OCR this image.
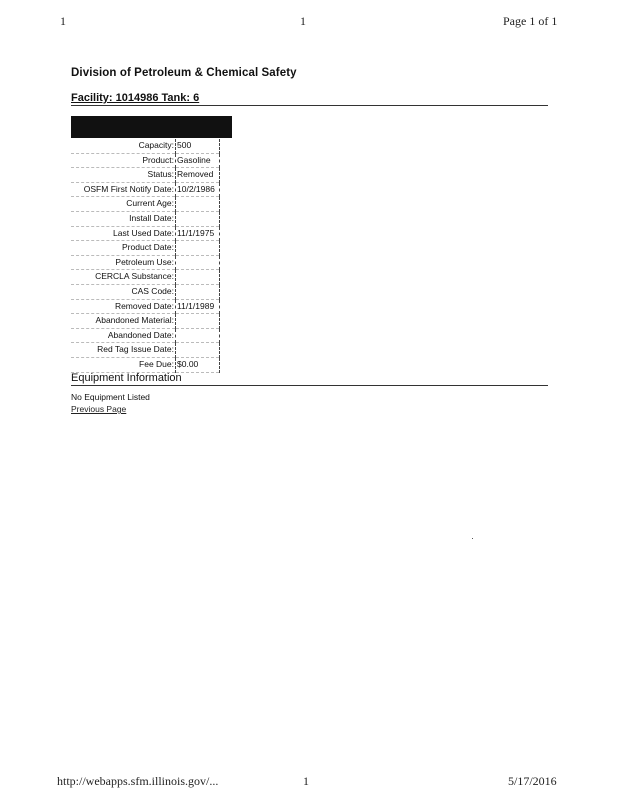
1	1	Page 1 of 1
Division of Petroleum & Chemical Safety
Facility: 1014986 Tank: 6
Capacity:	500
Product:	Gasoline
Status:	Removed
OSFM First Notify Date:	10/2/1986
Current Age:	
Install Date:	
Last Used Date:	11/1/1975
Product Date:	
Petroleum Use:	
CERCLA Substance:	
CAS Code:	
Removed Date:	11/1/1989
Abandoned Material:	
Abandoned Date:	
Red Tag Issue Date:	
Fee Due:	$0.00
Equipment Information
No Equipment Listed
Previous Page
http://webapps.sfm.illinois.gov/...	1	5/17/2016
